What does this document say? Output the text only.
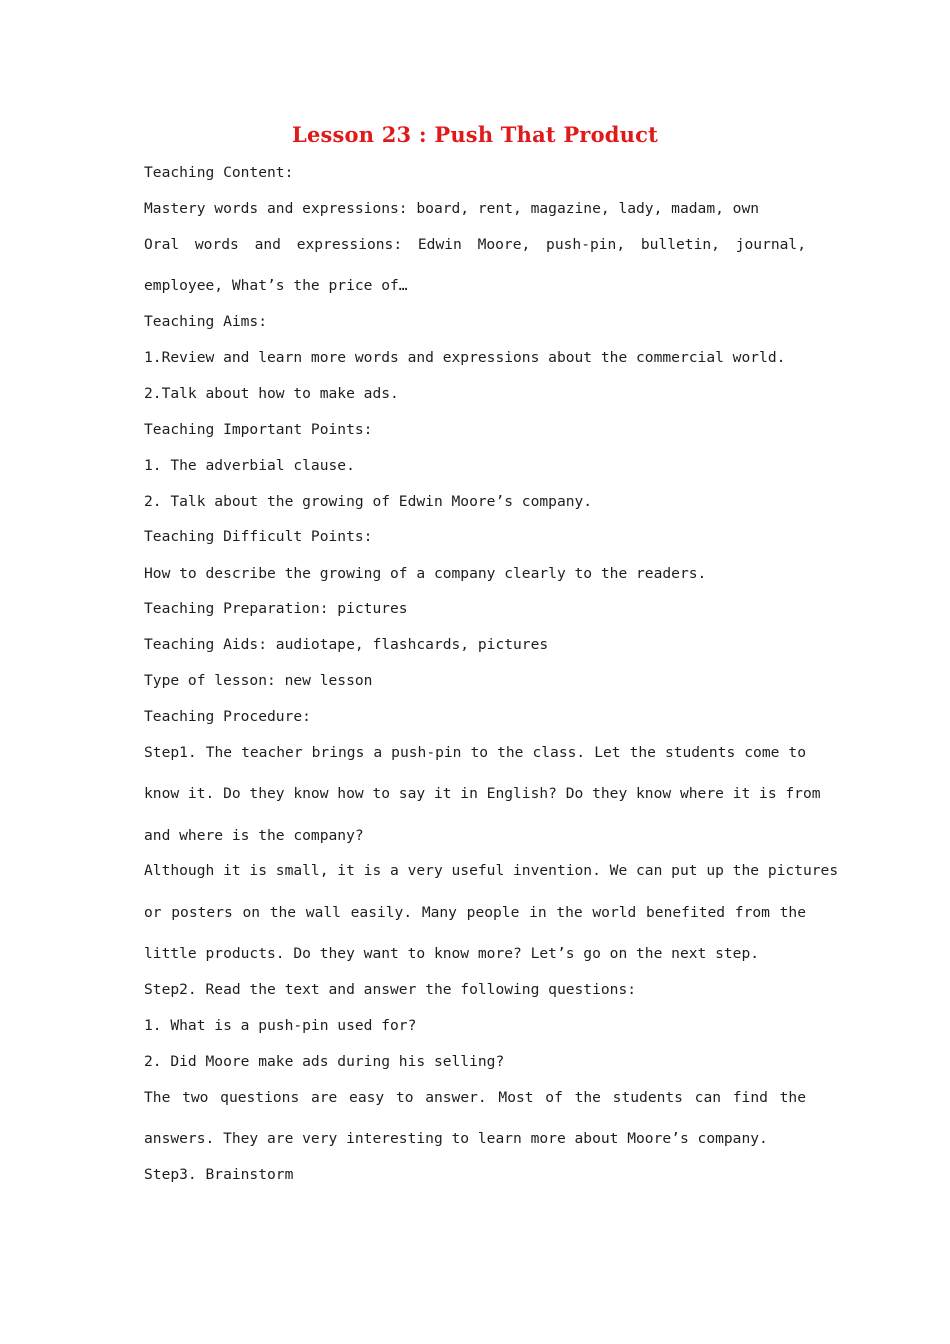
Lesson 23 : Push That Product
Teaching Content:
Mastery words and expressions: board, rent, magazine, lady, madam, own
Oral words and expressions: Edwin Moore, push-pin, bulletin, journal,
employee, What’s the price of…
Teaching Aims:
1.Review and learn more words and expressions about the commercial world.
2.Talk about how to make ads.
Teaching Important Points:
1. The adverbial clause.
2. Talk about the growing of Edwin Moore’s company.
Teaching Difficult Points:
How to describe the growing of a company clearly to the readers.
Teaching Preparation: pictures
Teaching Aids: audiotape, flashcards, pictures
Type of lesson: new lesson
Teaching Procedure:
Step1. The teacher brings a push-pin to the class. Let the students come to
know it. Do they know how to say it in English? Do they know where it is from
and where is the company?
Although it is small, it is a very useful invention. We can put up the pictures
or posters on the wall easily. Many people in the world benefited from the
little products. Do they want to know more? Let’s go on the next step.
Step2. Read the text and answer the following questions:
1. What is a push-pin used for?
2. Did Moore make ads during his selling?
The two questions are easy to answer. Most of the students can find the
answers. They are very interesting to learn more about Moore’s company.
Step3. Brainstorm
